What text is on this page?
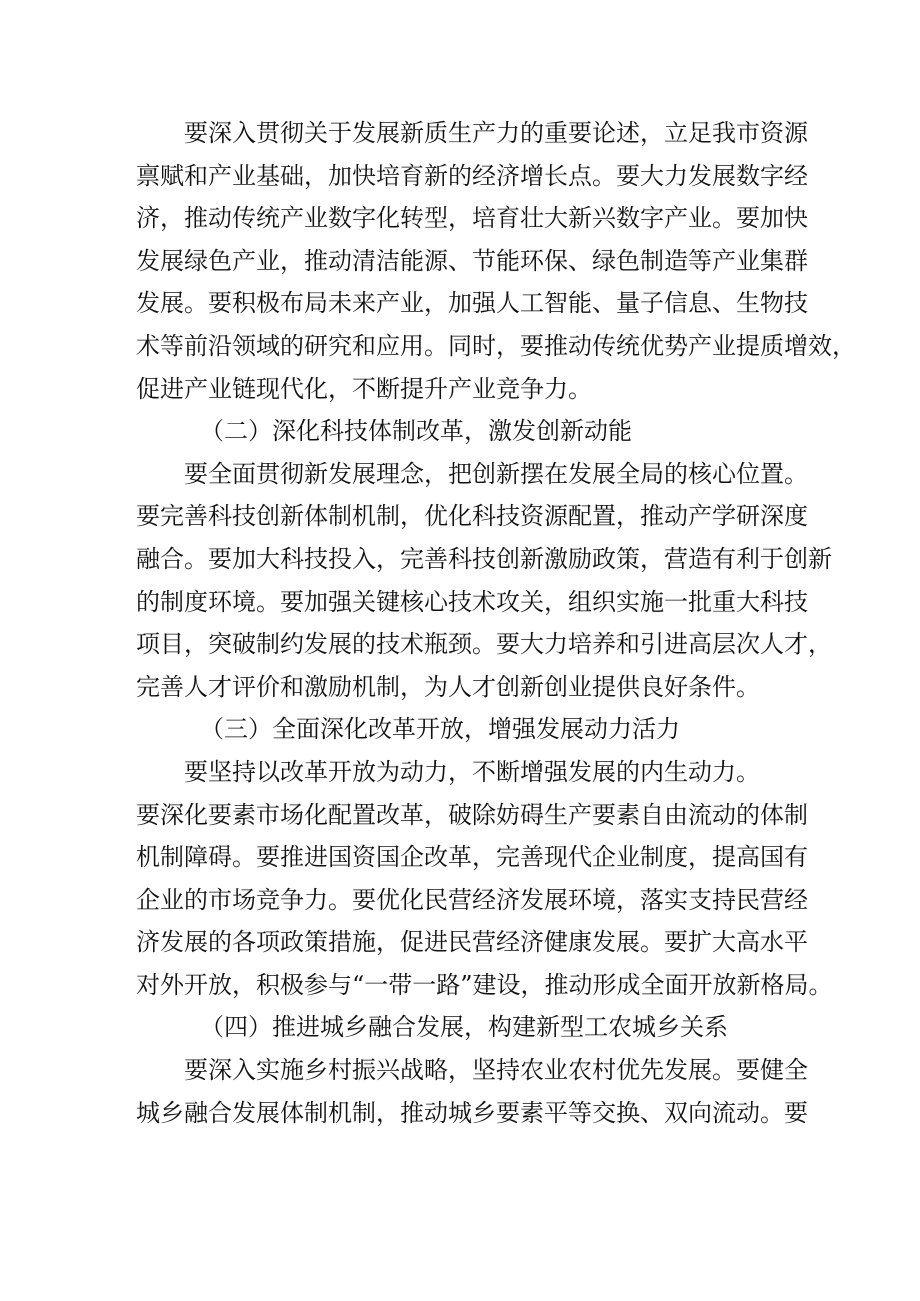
要深入贯彻关于发展新质生产力的重要论述，立足我市资源
禀赋和产业基础，加快培育新的经济增长点。要大力发展数字经
济，推动传统产业数字化转型，培育壮大新兴数字产业。要加快
发展绿色产业，推动清洁能源、节能环保、绿色制造等产业集群
发展。要积极布局未来产业，加强人工智能、量子信息、生物技
术等前沿领域的研究和应用。同时，要推动传统优势产业提质增效，
促进产业链现代化，不断提升产业竞争力。
（二）深化科技体制改革，激发创新动能
要全面贯彻新发展理念，把创新摆在发展全局的核心位置。
要完善科技创新体制机制，优化科技资源配置，推动产学研深度
融合。要加大科技投入，完善科技创新激励政策，营造有利于创新
的制度环境。要加强关键核心技术攻关，组织实施一批重大科技
项目，突破制约发展的技术瓶颈。要大力培养和引进高层次人才，
完善人才评价和激励机制，为人才创新创业提供良好条件。
（三）全面深化改革开放，增强发展动力活力
要坚持以改革开放为动力，不断增强发展的内生动力。
要深化要素市场化配置改革，破除妨碍生产要素自由流动的体制
机制障碍。要推进国资国企改革，完善现代企业制度，提高国有
企业的市场竞争力。要优化民营经济发展环境，落实支持民营经
济发展的各项政策措施，促进民营经济健康发展。要扩大高水平
对外开放，积极参与“一带一路”建设，推动形成全面开放新格局。
（四）推进城乡融合发展，构建新型工农城乡关系
要深入实施乡村振兴战略，坚持农业农村优先发展。要健全
城乡融合发展体制机制，推动城乡要素平等交换、双向流动。要
